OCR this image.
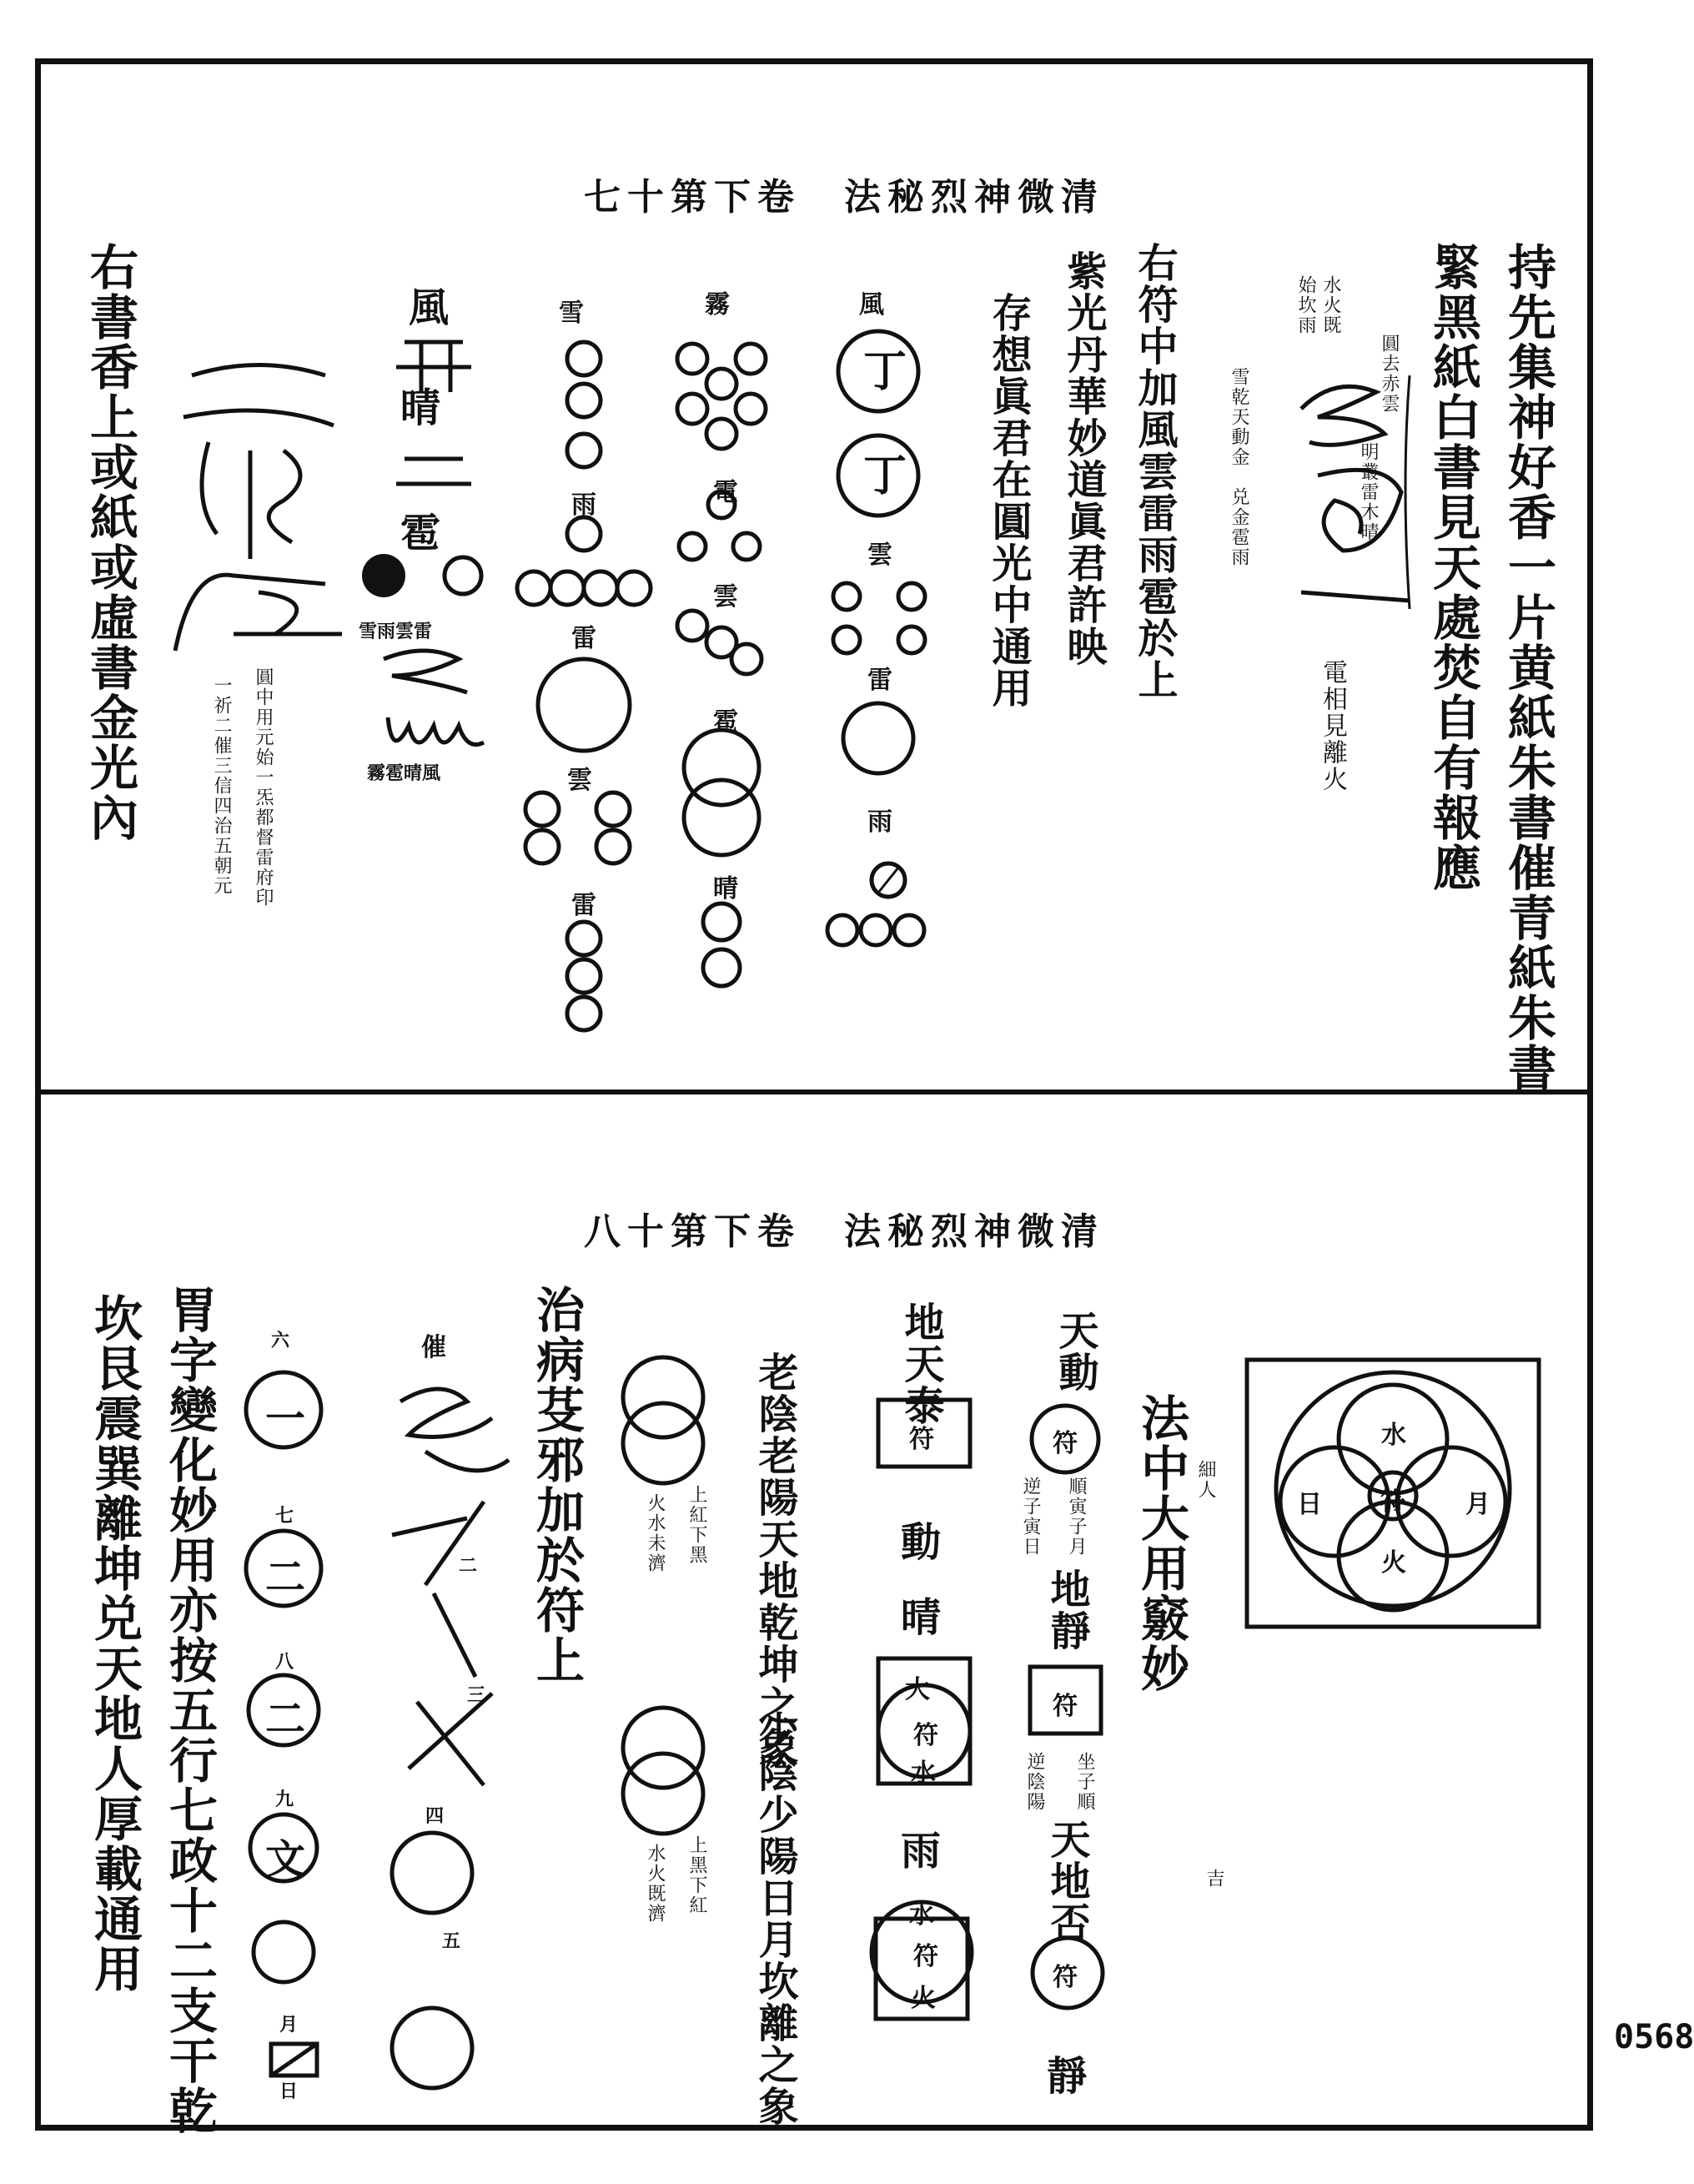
0568
清微神烈秘法　卷下第十七
持先集神好香一片黄紙朱書催青紙朱書
緊黑紙白書見天處焚自有報應
水火既
始坎雨
圓去赤雲
明叢雷木晴
雪乾天動金　兑金雹雨
電相見離火
右符中加風雲雷雨雹於上
紫光丹華妙道眞君許映
存想眞君在圓光中通用
風
丁
丁
雲
雷
雨
霧
電
雲
雹
晴
雪
雨
雷
雲
雷
風
晴
雹
雪雨雲雷
霧雹晴風
圓中用元始一炁都督雷府印
一祈二催三信四治五朝元
右書香上或紙或虛書金光內
清微神烈秘法　卷下第十八
水
日 符 月
火
細人
吉
法中大用竅妙
天動
符
順寅子月
逆子寅日
地靜
符
逆陰陽 坐子順
天地否
符
靜
地天泰
符
動
晴
大
符
水
雨
水
符
火
老陰老陽天地乾坤之象
少陰少陽日月坎離之象
上紅下黑
火水未濟
上黑下紅
水火既濟
治病芟邪加於符上
催
二
三
四
五
六
一
七
二
八
二
九
文
月
日
胃字變化妙用亦按五行七政十二支干乾
坎艮震巽離坤兑天地人厚載通用
